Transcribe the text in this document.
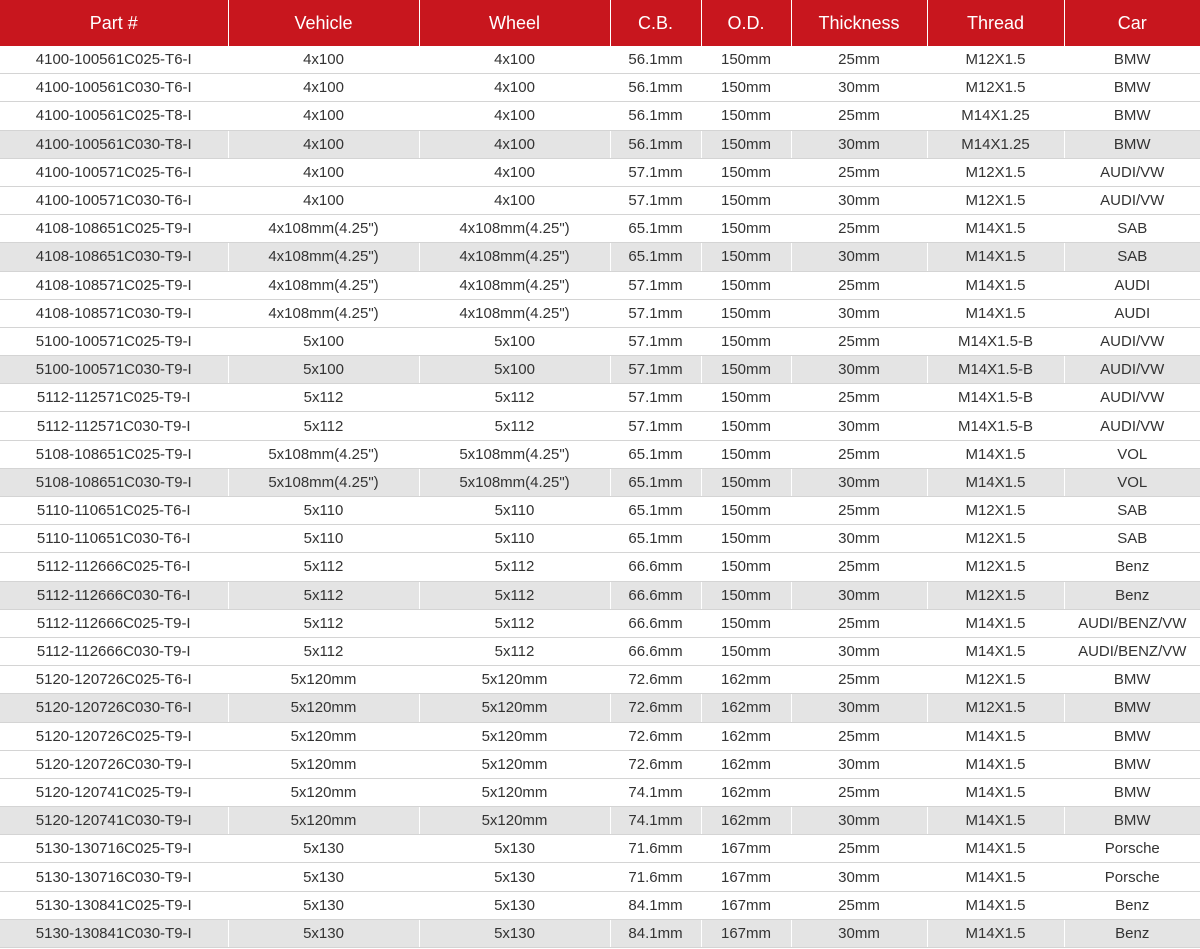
Part #	Vehicle	Wheel	C.B.	O.D.	Thickness	Thread	Car
4100-100561C025-T6-I	4x100	4x100	56.1mm	150mm	25mm	M12X1.5	BMW
4100-100561C030-T6-I	4x100	4x100	56.1mm	150mm	30mm	M12X1.5	BMW
4100-100561C025-T8-I	4x100	4x100	56.1mm	150mm	25mm	M14X1.25	BMW
4100-100561C030-T8-I	4x100	4x100	56.1mm	150mm	30mm	M14X1.25	BMW
4100-100571C025-T6-I	4x100	4x100	57.1mm	150mm	25mm	M12X1.5	AUDI/VW
4100-100571C030-T6-I	4x100	4x100	57.1mm	150mm	30mm	M12X1.5	AUDI/VW
4108-108651C025-T9-I	4x108mm(4.25")	4x108mm(4.25")	65.1mm	150mm	25mm	M14X1.5	SAB
4108-108651C030-T9-I	4x108mm(4.25")	4x108mm(4.25")	65.1mm	150mm	30mm	M14X1.5	SAB
4108-108571C025-T9-I	4x108mm(4.25")	4x108mm(4.25")	57.1mm	150mm	25mm	M14X1.5	AUDI
4108-108571C030-T9-I	4x108mm(4.25")	4x108mm(4.25")	57.1mm	150mm	30mm	M14X1.5	AUDI
5100-100571C025-T9-I	5x100	5x100	57.1mm	150mm	25mm	M14X1.5-B	AUDI/VW
5100-100571C030-T9-I	5x100	5x100	57.1mm	150mm	30mm	M14X1.5-B	AUDI/VW
5112-112571C025-T9-I	5x112	5x112	57.1mm	150mm	25mm	M14X1.5-B	AUDI/VW
5112-112571C030-T9-I	5x112	5x112	57.1mm	150mm	30mm	M14X1.5-B	AUDI/VW
5108-108651C025-T9-I	5x108mm(4.25")	5x108mm(4.25")	65.1mm	150mm	25mm	M14X1.5	VOL
5108-108651C030-T9-I	5x108mm(4.25")	5x108mm(4.25")	65.1mm	150mm	30mm	M14X1.5	VOL
5110-110651C025-T6-I	5x110	5x110	65.1mm	150mm	25mm	M12X1.5	SAB
5110-110651C030-T6-I	5x110	5x110	65.1mm	150mm	30mm	M12X1.5	SAB
5112-112666C025-T6-I	5x112	5x112	66.6mm	150mm	25mm	M12X1.5	Benz
5112-112666C030-T6-I	5x112	5x112	66.6mm	150mm	30mm	M12X1.5	Benz
5112-112666C025-T9-I	5x112	5x112	66.6mm	150mm	25mm	M14X1.5	AUDI/BENZ/VW
5112-112666C030-T9-I	5x112	5x112	66.6mm	150mm	30mm	M14X1.5	AUDI/BENZ/VW
5120-120726C025-T6-I	5x120mm	5x120mm	72.6mm	162mm	25mm	M12X1.5	BMW
5120-120726C030-T6-I	5x120mm	5x120mm	72.6mm	162mm	30mm	M12X1.5	BMW
5120-120726C025-T9-I	5x120mm	5x120mm	72.6mm	162mm	25mm	M14X1.5	BMW
5120-120726C030-T9-I	5x120mm	5x120mm	72.6mm	162mm	30mm	M14X1.5	BMW
5120-120741C025-T9-I	5x120mm	5x120mm	74.1mm	162mm	25mm	M14X1.5	BMW
5120-120741C030-T9-I	5x120mm	5x120mm	74.1mm	162mm	30mm	M14X1.5	BMW
5130-130716C025-T9-I	5x130	5x130	71.6mm	167mm	25mm	M14X1.5	Porsche
5130-130716C030-T9-I	5x130	5x130	71.6mm	167mm	30mm	M14X1.5	Porsche
5130-130841C025-T9-I	5x130	5x130	84.1mm	167mm	25mm	M14X1.5	Benz
5130-130841C030-T9-I	5x130	5x130	84.1mm	167mm	30mm	M14X1.5	Benz
